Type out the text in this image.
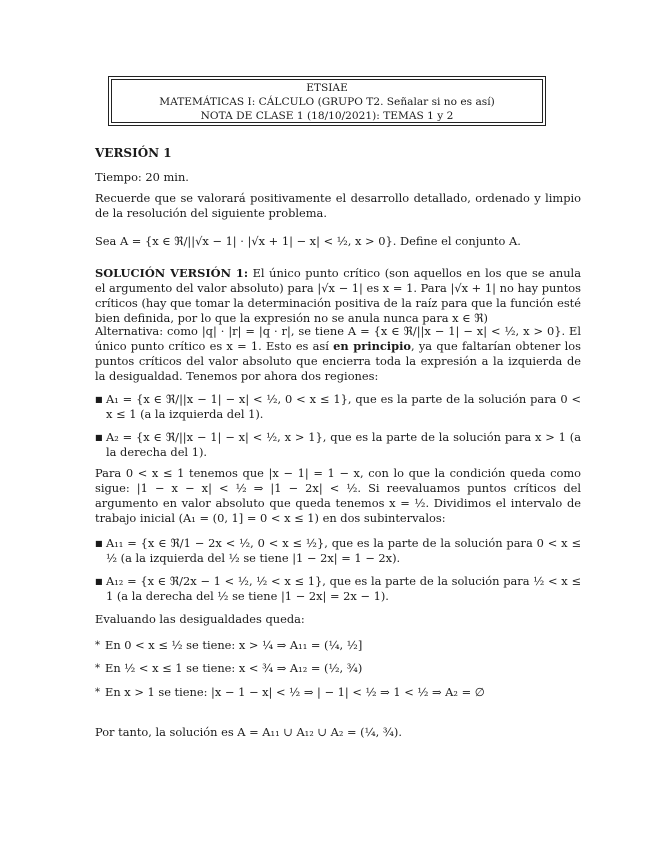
ETSIAE
MATEMÁTICAS I: CÁLCULO (GRUPO T2. Señalar si no es así)
NOTA DE CLASE 1 (18/10/2021): TEMAS 1 y 2

VERSIÓN 1

Tiempo: 20 min.

Recuerde que se valorará positivamente el desarrollo detallado, ordenado y limpio de la resolución del siguiente problema.

Sea A = {x ∈ ℜ/||√x − 1| · |√x + 1| − x| < ½, x > 0}. Define el conjunto A.

SOLUCIÓN VERSIÓN 1: El único punto crítico (son aquellos en los que se anula el argumento del valor absoluto) para |√x − 1| es x = 1. Para |√x + 1| no hay puntos críticos (hay que tomar la determinación positiva de la raíz para que la función esté bien definida, por lo que la expresión no se anula nunca para x ∈ ℜ)

Alternativa: como |q| · |r| = |q · r|, se tiene A = {x ∈ ℜ/||x − 1| − x| < ½, x > 0}. El único punto crítico es x = 1. Esto es así en principio, ya que faltarían obtener los puntos críticos del valor absoluto que encierra toda la expresión a la izquierda de la desigualdad. Tenemos por ahora dos regiones:

■ A₁ = {x ∈ ℜ/||x − 1| − x| < ½, 0 < x ≤ 1}, que es la parte de la solución para 0 < x ≤ 1 (a la izquierda del 1).
■ A₂ = {x ∈ ℜ/||x − 1| − x| < ½, x > 1}, que es la parte de la solución para x > 1 (a la derecha del 1).

Para 0 < x ≤ 1 tenemos que |x − 1| = 1 − x, con lo que la condición queda como sigue: |1 − x − x| < ½ ⇒ |1 − 2x| < ½. Si reevaluamos puntos críticos del argumento en valor absoluto que queda tenemos x = ½. Dividimos el intervalo de trabajo inicial (A₁ = (0, 1] = 0 < x ≤ 1) en dos subintervalos:

■ A₁₁ = {x ∈ ℜ/1 − 2x < ½, 0 < x ≤ ½}, que es la parte de la solución para 0 < x ≤ ½ (a la izquierda del ½ se tiene |1 − 2x| = 1 − 2x).
■ A₁₂ = {x ∈ ℜ/2x − 1 < ½, ½ < x ≤ 1}, que es la parte de la solución para ½ < x ≤ 1 (a la derecha del ½ se tiene |1 − 2x| = 2x − 1).

Evaluando las desigualdades queda:

* En 0 < x ≤ ½ se tiene: x > ¼ ⇒ A₁₁ = (¼, ½]
* En ½ < x ≤ 1 se tiene: x < ¾ ⇒ A₁₂ = (½, ¾)
* En x > 1 se tiene: |x − 1 − x| < ½ ⇒ | − 1| < ½ ⇒ 1 < ½ ⇒ A₂ = ∅

Por tanto, la solución es A = A₁₁ ∪ A₁₂ ∪ A₂ = (¼, ¾).
